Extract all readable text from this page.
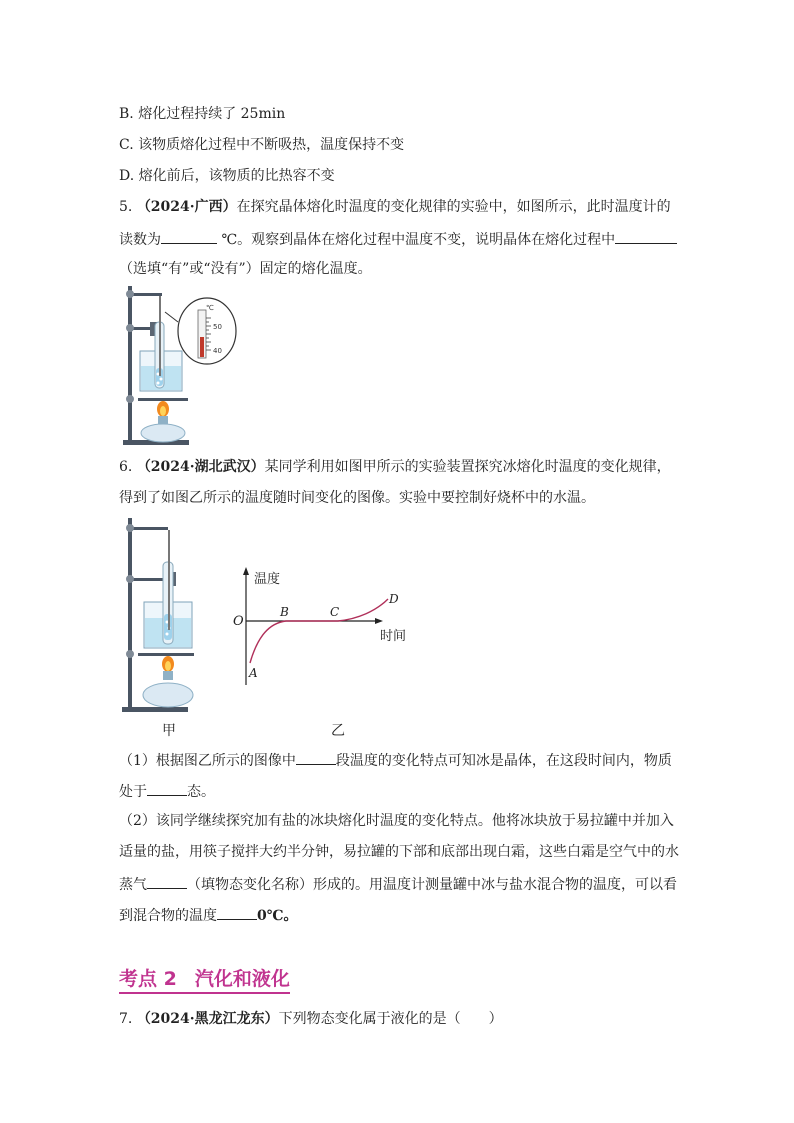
B. 熔化过程持续了 25min
C. 该物质熔化过程中不断吸热，温度保持不变
D. 熔化前后，该物质的比热容不变
5. （2024·广西）在探究晶体熔化时温度的变化规律的实验中，如图所示，此时温度计的
读数为	℃。观察到晶体在熔化过程中温度不变，说明晶体在熔化过程中
（选填“有”或“没有”）固定的熔化温度。
℃
50
40
6. （2024·湖北武汉）某同学利用如图甲所示的实验装置探究冰熔化时温度的变化规律，
得到了如图乙所示的温度随时间变化的图像。实验中要控制好烧杯中的水温。
甲
温度
时间
O
A
B	C
D
乙
（1）根据图乙所示的图像中	段温度的变化特点可知冰是晶体，在这段时间内，物质
处于	态。
（2）该同学继续探究加有盐的冰块熔化时温度的变化特点。他将冰块放于易拉罐中并加入
适量的盐，用筷子搅拌大约半分钟，易拉罐的下部和底部出现白霜，这些白霜是空气中的水
蒸气	（填物态变化名称）形成的。用温度计测量罐中冰与盐水混合物的温度，可以看
到混合物的温度	0℃。
考点 2 汽化和液化
7. （2024·黑龙江龙东）下列物态变化属于液化的是（　　）
